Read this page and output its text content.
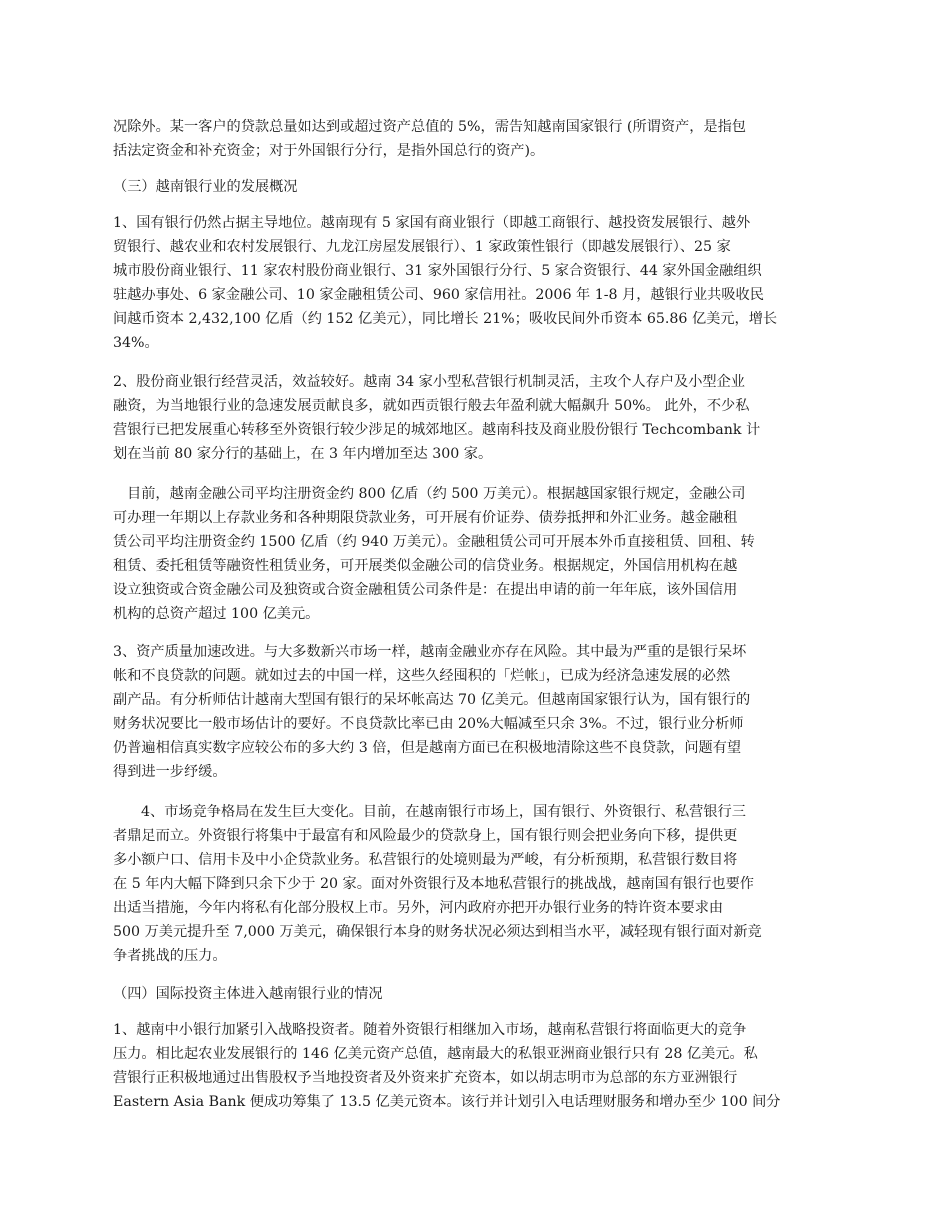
况除外。某一客户的贷款总量如达到或超过资产总值的 5%，需告知越南国家银行 (所谓资产，是指包
括法定资金和补充资金；对于外国银行分行，是指外国总行的资产)。
（三）越南银行业的发展概况
1、国有银行仍然占据主导地位。越南现有 5 家国有商业银行（即越工商银行、越投资发展银行、越外
贸银行、越农业和农村发展银行、九龙江房屋发展银行）、1 家政策性银行（即越发展银行）、25 家
城市股份商业银行、11 家农村股份商业银行、31 家外国银行分行、5 家合资银行、44 家外国金融组织
驻越办事处、6 家金融公司、10 家金融租赁公司、960 家信用社。2006 年 1-8 月，越银行业共吸收民
间越币资本 2,432,100 亿盾（约 152 亿美元），同比增长 21%；吸收民间外币资本 65.86 亿美元，增长
34%。
2、股份商业银行经营灵活，效益较好。越南 34 家小型私营银行机制灵活，主攻个人存户及小型企业
融资，为当地银行业的急速发展贡献良多，就如西贡银行般去年盈利就大幅飙升 50%。 此外，不少私
营银行已把发展重心转移至外资银行较少涉足的城郊地区。越南科技及商业股份银行 Techcombank 计
划在当前 80 家分行的基础上，在 3 年内增加至达 300 家。
目前，越南金融公司平均注册资金约 800 亿盾（约 500 万美元）。根据越国家银行规定，金融公司
可办理一年期以上存款业务和各种期限贷款业务，可开展有价证券、债券抵押和外汇业务。越金融租
赁公司平均注册资金约 1500 亿盾（约 940 万美元）。金融租赁公司可开展本外币直接租赁、回租、转
租赁、委托租赁等融资性租赁业务，可开展类似金融公司的信贷业务。根据规定，外国信用机构在越
设立独资或合资金融公司及独资或合资金融租赁公司条件是：在提出申请的前一年年底，该外国信用
机构的总资产超过 100 亿美元。
3、资产质量加速改进。与大多数新兴市场一样，越南金融业亦存在风险。其中最为严重的是银行呆坏
帐和不良贷款的问题。就如过去的中国一样，这些久经囤积的「烂帐」，已成为经济急速发展的必然
副产品。有分析师估计越南大型国有银行的呆坏帐高达 70 亿美元。但越南国家银行认为，国有银行的
财务状况要比一般市场估计的要好。不良贷款比率已由 20%大幅减至只余 3%。不过，银行业分析师
仍普遍相信真实数字应较公布的多大约 3 倍，但是越南方面已在积极地清除这些不良贷款，问题有望
得到进一步纾缓。
4、市场竞争格局在发生巨大变化。目前，在越南银行市场上，国有银行、外资银行、私营银行三
者鼎足而立。外资银行将集中于最富有和风险最少的贷款身上，国有银行则会把业务向下移，提供更
多小额户口、信用卡及中小企贷款业务。私营银行的处境则最为严峻，有分析预期，私营银行数目将
在 5 年内大幅下降到只余下少于 20 家。面对外资银行及本地私营银行的挑战战，越南国有银行也要作
出适当措施，今年内将私有化部分股权上市。另外，河内政府亦把开办银行业务的特许资本要求由
500 万美元提升至 7,000 万美元，确保银行本身的财务状况必须达到相当水平，减轻现有银行面对新竞
争者挑战的压力。
（四）国际投资主体进入越南银行业的情况
1、越南中小银行加紧引入战略投资者。随着外资银行相继加入市场，越南私营银行将面临更大的竞争
压力。相比起农业发展银行的 146 亿美元资产总值，越南最大的私银亚洲商业银行只有 28 亿美元。私
营银行正积极地通过出售股权予当地投资者及外资来扩充资本，如以胡志明市为总部的东方亚洲银行
Eastern Asia Bank 便成功筹集了 13.5 亿美元资本。该行并计划引入电话理财服务和增办至少 100 间分
